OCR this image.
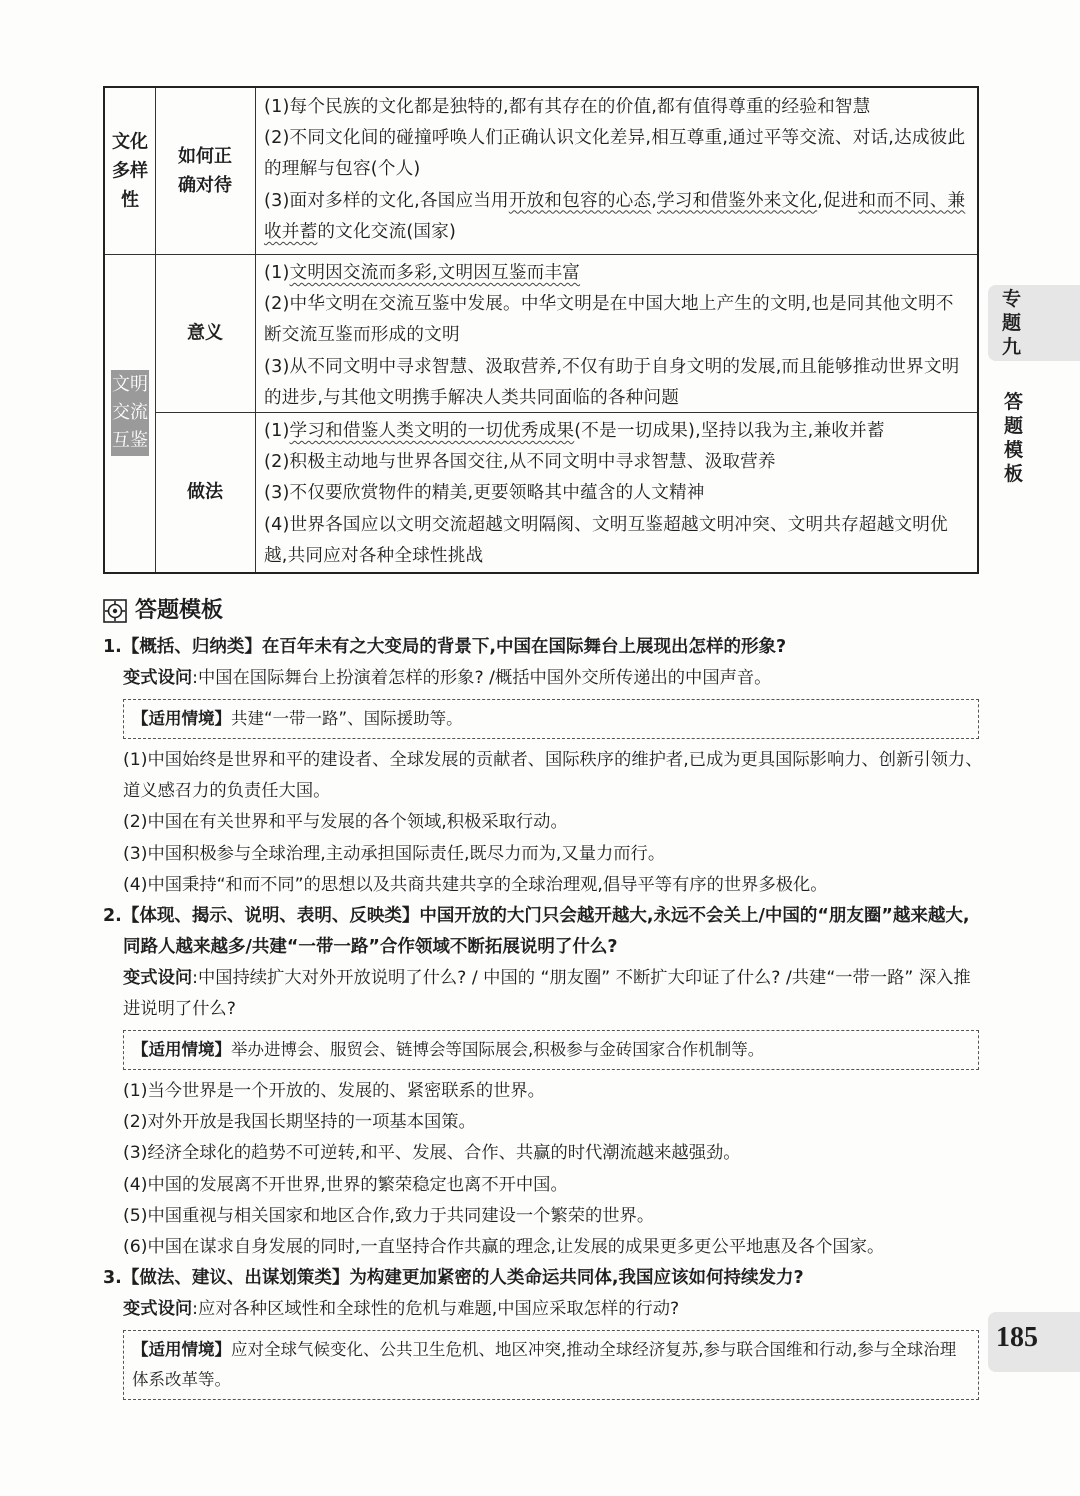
文化
多样
性
如何正
确对待

(1)每个民族的文化都是独特的,都有其存在的价值,都有值得尊重的经验和智慧

(2)不同文化间的碰撞呼唤人们正确认识文化差异,相互尊重,通过平等交流、对话,达成彼此的理解与包容(个人)

(3)面对多样的文化,各国应当用开放和包容的心态,学习和借鉴外来文化,促进和而不同、兼收并蓄的文化交流(国家)

文明
交流
互鉴
意义
做法

(1)文明因交流而多彩,文明因互鉴而丰富

(2)中华文明在交流互鉴中发展。中华文明是在中国大地上产生的文明,也是同其他文明不断交流互鉴而形成的文明

(3)从不同文明中寻求智慧、汲取营养,不仅有助于自身文明的发展,而且能够推动世界文明的进步,与其他文明携手解决人类共同面临的各种问题

(1)学习和借鉴人类文明的一切优秀成果(不是一切成果),坚持以我为主,兼收并蓄

(2)积极主动地与世界各国交往,从不同文明中寻求智慧、汲取营养

(3)不仅要欣赏物件的精美,更要领略其中蕴含的人文精神

(4)世界各国应以文明交流超越文明隔阂、文明互鉴超越文明冲突、文明共存超越文明优越,共同应对各种全球性挑战

专题九
答题模板
185
答题模板

1.【概括、归纳类】在百年未有之大变局的背景下,中国在国际舞台上展现出怎样的形象?

变式设问:中国在国际舞台上扮演着怎样的形象? /概括中国外交所传递出的中国声音。

【适用情境】共建“一带一路”、国际援助等。

(1)中国始终是世界和平的建设者、全球发展的贡献者、国际秩序的维护者,已成为更具国际影响力、创新引领力、道义感召力的负责任大国。

(2)中国在有关世界和平与发展的各个领域,积极采取行动。

(3)中国积极参与全球治理,主动承担国际责任,既尽力而为,又量力而行。

(4)中国秉持“和而不同”的思想以及共商共建共享的全球治理观,倡导平等有序的世界多极化。

2.【体现、揭示、说明、表明、反映类】中国开放的大门只会越开越大,永远不会关上/中国的“朋友圈”越来越大,同路人越来越多/共建“一带一路”合作领域不断拓展说明了什么?

变式设问:中国持续扩大对外开放说明了什么? / 中国的 “朋友圈” 不断扩大印证了什么? /共建“一带一路” 深入推进说明了什么?

【适用情境】举办进博会、服贸会、链博会等国际展会,积极参与金砖国家合作机制等。

(1)当今世界是一个开放的、发展的、紧密联系的世界。

(2)对外开放是我国长期坚持的一项基本国策。

(3)经济全球化的趋势不可逆转,和平、发展、合作、共赢的时代潮流越来越强劲。

(4)中国的发展离不开世界,世界的繁荣稳定也离不开中国。

(5)中国重视与相关国家和地区合作,致力于共同建设一个繁荣的世界。

(6)中国在谋求自身发展的同时,一直坚持合作共赢的理念,让发展的成果更多更公平地惠及各个国家。

3.【做法、建议、出谋划策类】为构建更加紧密的人类命运共同体,我国应该如何持续发力?

变式设问:应对各种区域性和全球性的危机与难题,中国应采取怎样的行动?

【适用情境】应对全球气候变化、公共卫生危机、地区冲突,推动全球经济复苏,参与联合国维和行动,参与全球治理体系改革等。
